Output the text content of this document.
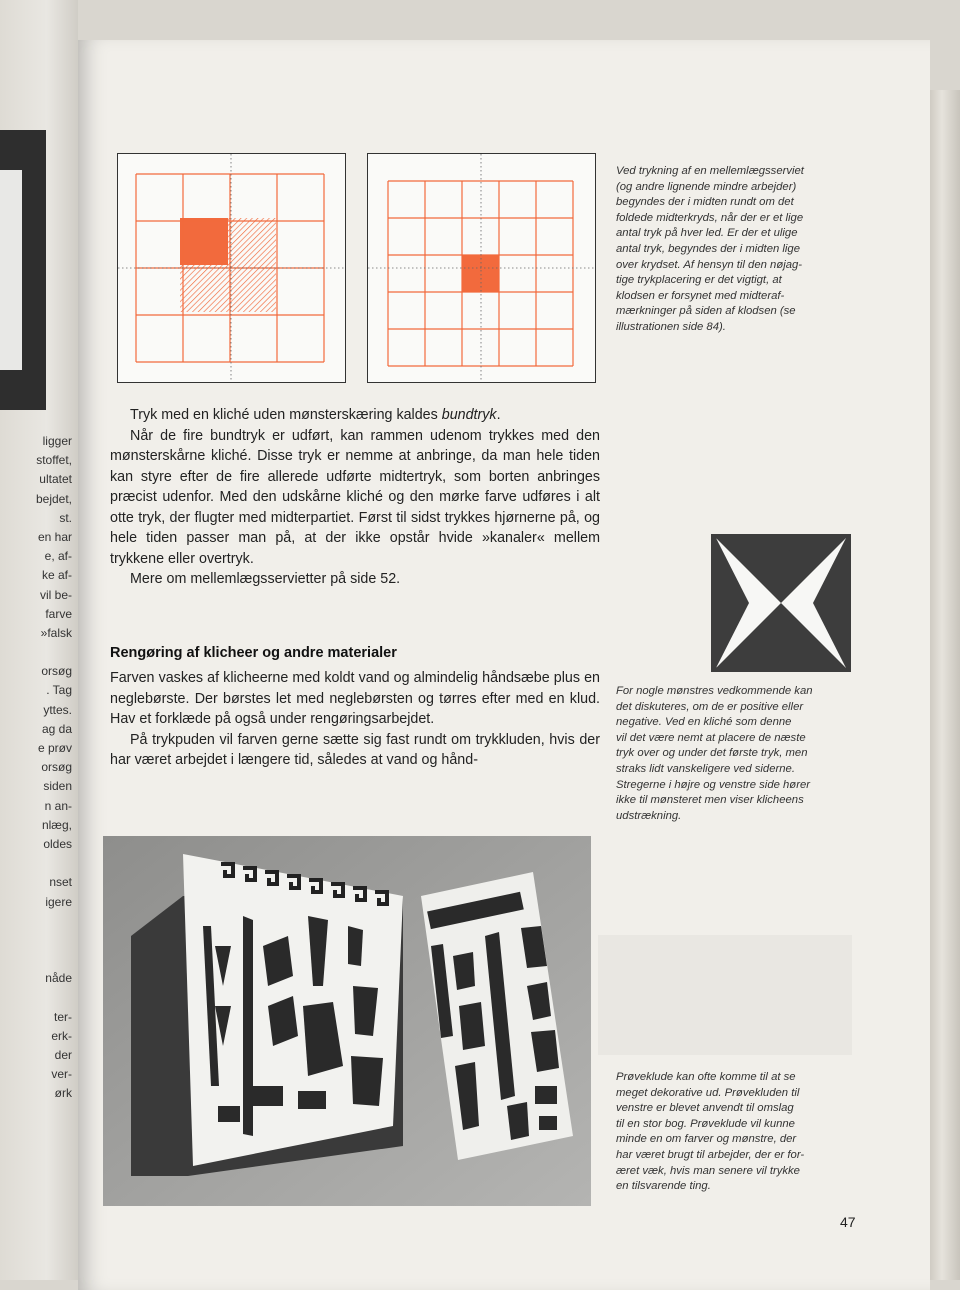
ligger
stoffet,
ultatet
bejdet,
st.
en har
e, af-
ke af-
vil be-
farve
»falsk
orsøg
. Tag
yttes.
ag da
e prøv
orsøg
siden
n an-
nlæg,
oldes
nset
igere
nåde
ter-
erk-
der
ver-
ørk
Ved trykning af en mellemlægsserviet
(og andre lignende mindre arbejder)
begyndes der i midten rundt om det
foldede midterkryds, når der er et lige
antal tryk på hver led. Er der et ulige
antal tryk, begyndes der i midten lige
over krydset. Af hensyn til den nøjag-
tige trykplacering er det vigtigt, at
klodsen er forsynet med midteraf-
mærkninger på siden af klodsen (se
illustrationen side 84).

Tryk med en kliché uden mønsterskæring kaldes bundtryk.

Når de fire bundtryk er udført, kan rammen udenom trykkes med den mønsterskårne kliché. Disse tryk er nemme at anbringe, da man hele tiden kan styre efter de fire allerede udførte midtertryk, som borten anbringes præcist udenfor. Med den udskårne kliché og den mørke farve udføres i alt otte tryk, der flugter med midterpartiet. Først til sidst trykkes hjørnerne på, og hele tiden passer man på, at der ikke opstår hvide »kanaler« mellem trykkene eller overtryk.

Mere om mellemlægsservietter på side 52.

For nogle mønstres vedkommende kan
det diskuteres, om de er positive eller
negative. Ved en kliché som denne
vil det være nemt at placere de næste
tryk over og under det første tryk, men
straks lidt vanskeligere ved siderne.
Stregerne i højre og venstre side hører
ikke til mønsteret men viser klicheens
udstrækning.
Rengøring af klicheer og andre materialer

Farven vaskes af klicheerne med koldt vand og almindelig håndsæbe plus en neglebørste. Der børstes let med neglebørsten og tørres efter med en klud. Hav et forklæde på også under rengøringsarbejdet.

På trykpuden vil farven gerne sætte sig fast rundt om trykkluden, hvis der har været arbejdet i længere tid, således at vand og hånd-

Prøveklude kan ofte komme til at se
meget dekorative ud. Prøvekluden til
venstre er blevet anvendt til omslag
til en stor bog. Prøveklude vil kunne
minde en om farver og mønstre, der
har været brugt til arbejder, der er for-
æret væk, hvis man senere vil trykke
en tilsvarende ting.
47
